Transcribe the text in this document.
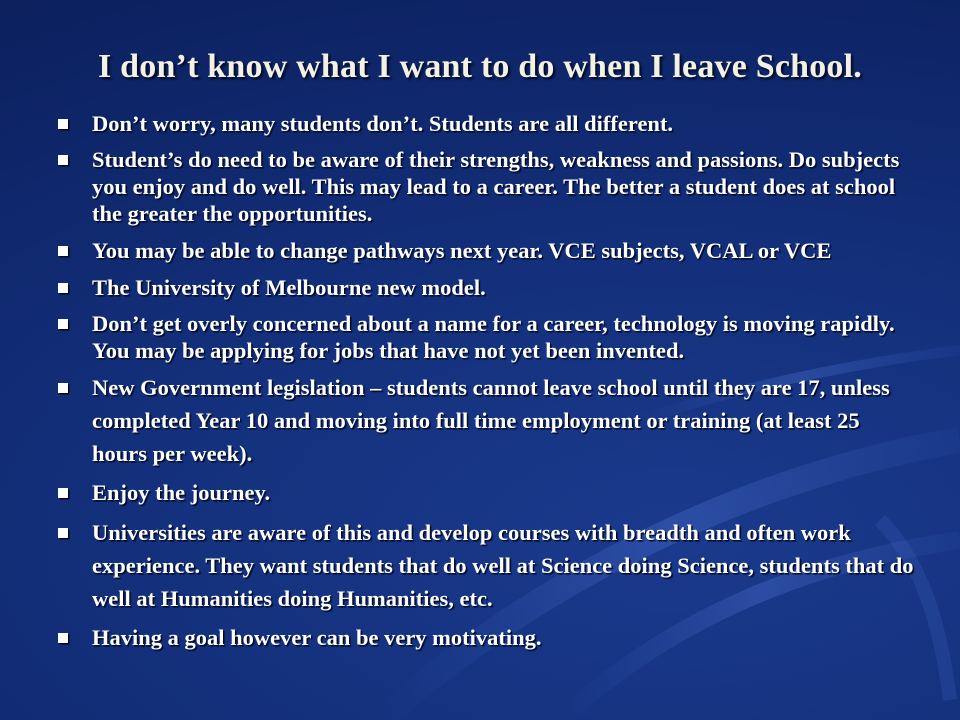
I don’t know what I want to do when I leave School.
Don’t worry, many students don’t. Students are all different.
Student’s do need to be aware of their strengths, weakness and passions. Do subjects you enjoy and do well. This may lead to a career. The better a student does at school the greater the opportunities.
You may be able to change pathways next year. VCE subjects, VCAL or VCE
The University of Melbourne new model.
Don’t get overly concerned about a name for a career, technology is moving rapidly. You may be applying for jobs that have not yet been invented.
New Government legislation – students cannot leave school until they are 17, unless completed Year 10 and moving into full time employment or training (at least 25 hours per week).
Enjoy the journey.
Universities are aware of this and develop courses with breadth and often work experience. They want students that do well at Science doing Science, students that do well at Humanities doing Humanities, etc.
Having a goal however can be very motivating.
